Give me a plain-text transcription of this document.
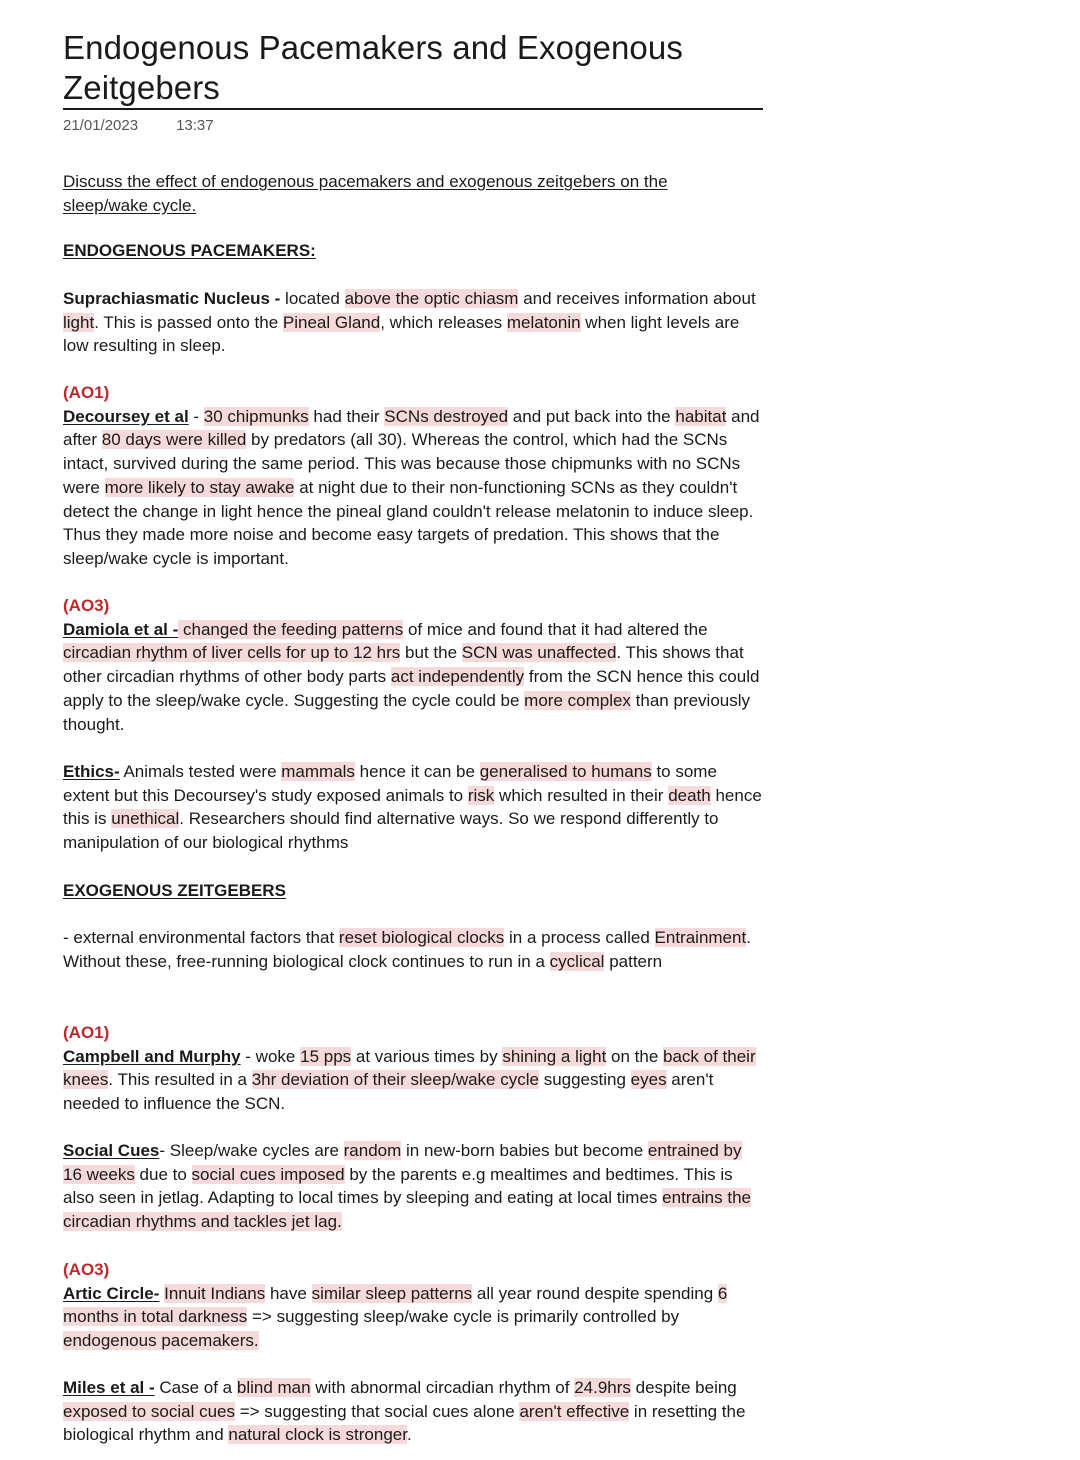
Endogenous Pacemakers and Exogenous Zeitgebers
21/01/2023	13:37

Discuss the effect of endogenous pacemakers and exogenous zeitgebers on the

sleep/wake cycle.

ENDOGENOUS PACEMAKERS:

Suprachiasmatic Nucleus - located above the optic chiasm and receives information about light. This is passed onto the Pineal Gland, which releases melatonin when light levels are low resulting in sleep.

(AO1)

Decoursey et al - 30 chipmunks had their SCNs destroyed and put back into the habitat and after 80 days were killed by predators (all 30). Whereas the control, which had the SCNs intact, survived during the same period. This was because those chipmunks with no SCNs were more likely to stay awake at night due to their non-functioning SCNs as they couldn't detect the change in light hence the pineal gland couldn't release melatonin to induce sleep. Thus they made more noise and become easy targets of predation. This shows that the sleep/wake cycle is important.

(AO3)

Damiola et al - changed the feeding patterns of mice and found that it had altered the circadian rhythm of liver cells for up to 12 hrs but the SCN was unaffected. This shows that other circadian rhythms of other body parts act independently from the SCN hence this could apply to the sleep/wake cycle. Suggesting the cycle could be more complex than previously thought.

Ethics- Animals tested were mammals hence it can be generalised to humans to some extent but this Decoursey's study exposed animals to risk which resulted in their death hence this is unethical. Researchers should find alternative ways. So we respond differently to manipulation of our biological rhythms

EXOGENOUS ZEITGEBERS

- external environmental factors that reset biological clocks in a process called Entrainment. Without these, free-running biological clock continues to run in a cyclical pattern

(AO1)

Campbell and Murphy - woke 15 pps at various times by shining a light on the back of their knees. This resulted in a 3hr deviation of their sleep/wake cycle suggesting eyes aren't needed to influence the SCN.

Social Cues- Sleep/wake cycles are random in new-born babies but become entrained by 16 weeks due to social cues imposed by the parents e.g mealtimes and bedtimes. This is also seen in jetlag. Adapting to local times by sleeping and eating at local times entrains the circadian rhythms and tackles jet lag.

(AO3)

Artic Circle- Innuit Indians have similar sleep patterns all year round despite spending 6 months in total darkness => suggesting sleep/wake cycle is primarily controlled by endogenous pacemakers.

Miles et al - Case of a blind man with abnormal circadian rhythm of 24.9hrs despite being exposed to social cues => suggesting that social cues alone aren't effective in resetting the biological rhythm and natural clock is stronger.
